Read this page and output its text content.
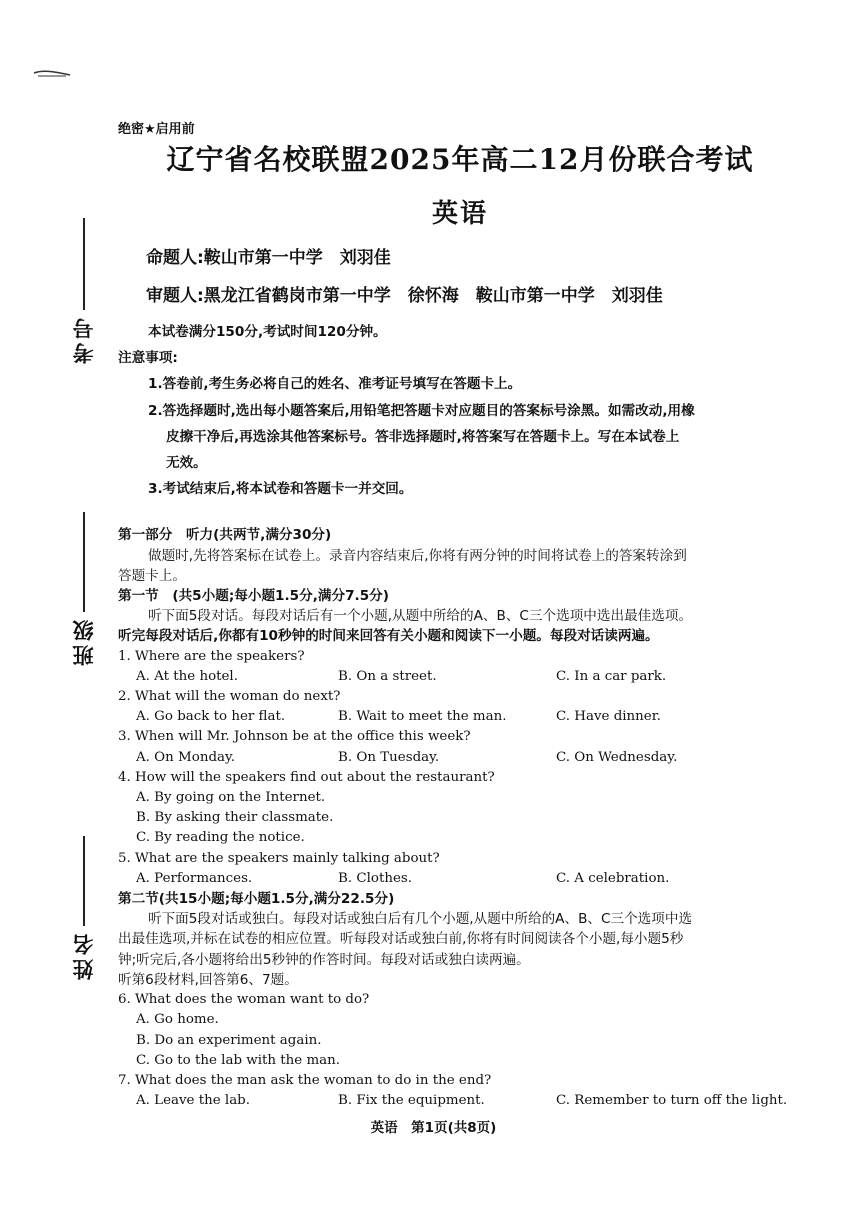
考号
班级
姓名
绝密★启用前
辽宁省名校联盟2025年高二12月份联合考试
英语
命题人:鞍山市第一中学　刘羽佳
审题人:黑龙江省鹤岗市第一中学　徐怀海　鞍山市第一中学　刘羽佳

本试卷满分150分,考试时间120分钟。

注意事项:

1.答卷前,考生务必将自己的姓名、准考证号填写在答题卡上。

2.答选择题时,选出每小题答案后,用铅笔把答题卡对应题目的答案标号涂黑。如需改动,用橡

皮擦干净后,再选涂其他答案标号。答非选择题时,将答案写在答题卡上。写在本试卷上

无效。

3.考试结束后,将本试卷和答题卡一并交回。

第一部分　听力(共两节,满分30分)

做题时,先将答案标在试卷上。录音内容结束后,你将有两分钟的时间将试卷上的答案转涂到

答题卡上。

第一节　(共5小题;每小题1.5分,满分7.5分)

听下面5段对话。每段对话后有一个小题,从题中所给的A、B、C三个选项中选出最佳选项。

听完每段对话后,你都有10秒钟的时间来回答有关小题和阅读下一小题。每段对话读两遍。

1. Where are the speakers?

A. At the hotel.	B. On a street.	C. In a car park.

2. What will the woman do next?

A. Go back to her flat.	B. Wait to meet the man.	C. Have dinner.

3. When will Mr. Johnson be at the office this week?

A. On Monday.	B. On Tuesday.	C. On Wednesday.

4. How will the speakers find out about the restaurant?

A. By going on the Internet.

B. By asking their classmate.

C. By reading the notice.

5. What are the speakers mainly talking about?

A. Performances.	B. Clothes.	C. A celebration.

第二节(共15小题;每小题1.5分,满分22.5分)

听下面5段对话或独白。每段对话或独白后有几个小题,从题中所给的A、B、C三个选项中选

出最佳选项,并标在试卷的相应位置。听每段对话或独白前,你将有时间阅读各个小题,每小题5秒

钟;听完后,各小题将给出5秒钟的作答时间。每段对话或独白读两遍。

听第6段材料,回答第6、7题。

6. What does the woman want to do?

A. Go home.

B. Do an experiment again.

C. Go to the lab with the man.

7. What does the man ask the woman to do in the end?

A. Leave the lab.	B. Fix the equipment.	C. Remember to turn off the light.
英语　第1页(共8页)
